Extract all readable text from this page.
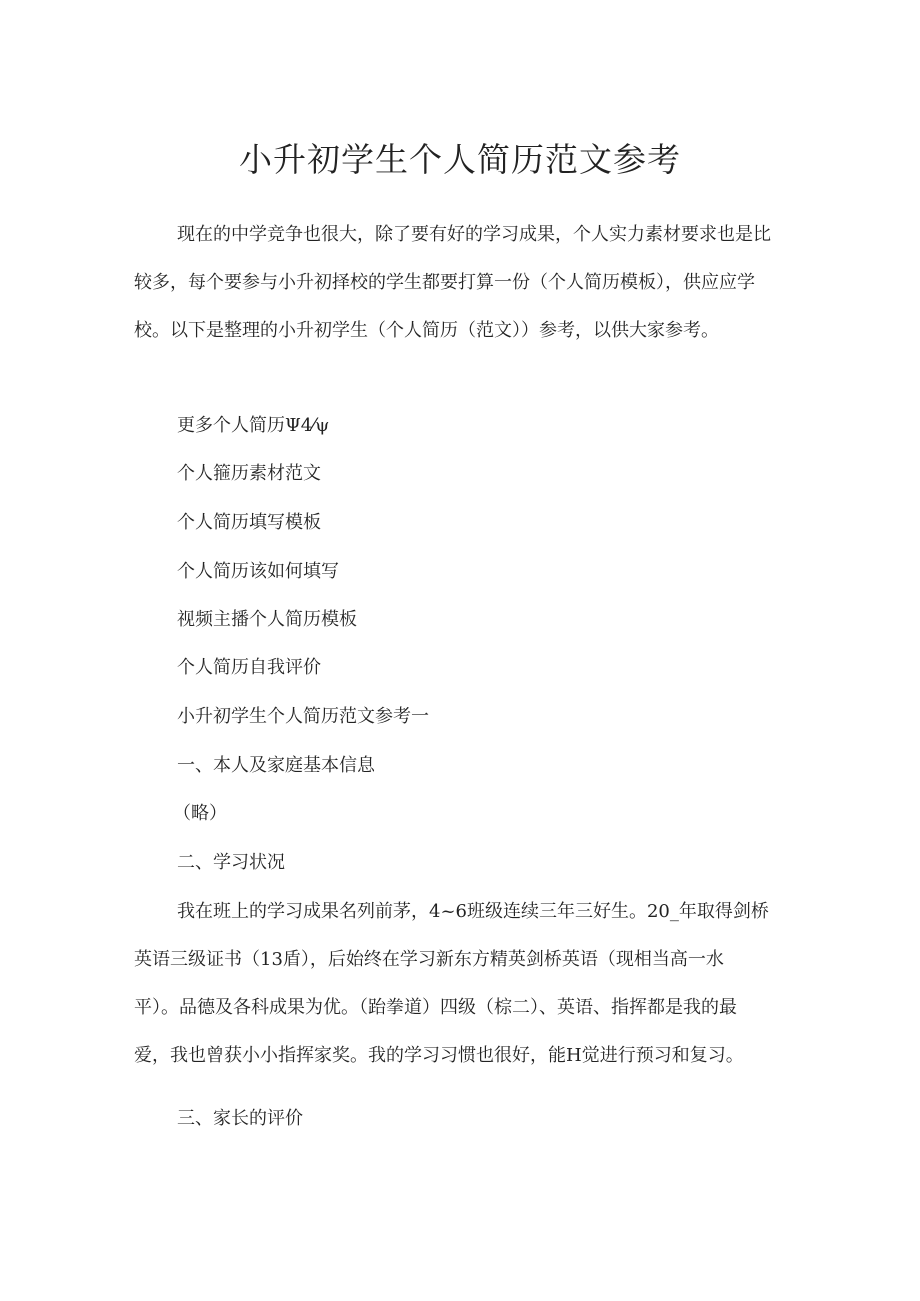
小升初学生个人简历范文参考
现在的中学竞争也很大，除了要有好的学习成果，个人实力素材要求也是比
较多，每个要参与小升初择校的学生都要打算一份（个人简历模板），供应应学
校。以下是整理的小升初学生（个人简历（范文））参考，以供大家参考。
更多个人简历Ψ4⁄ψ
个人箍历素材范文
个人简历填写模板
个人简历该如何填写
视频主播个人简历模板
个人简历自我评价
小升初学生个人简历范文参考一
一、本人及家庭基本信息
（略）
二、学习状况
我在班上的学习成果名列前茅，4~6班级连续三年三好生。20_年取得剑桥
英语三级证书（13盾），后始终在学习新东方精英剑桥英语（现相当高一水
平）。品德及各科成果为优。（跆拳道）四级（棕二）、英语、指挥都是我的最
爱，我也曾获小小指挥家奖。我的学习习惯也很好，能H觉进行预习和复习。
三、家长的评价
